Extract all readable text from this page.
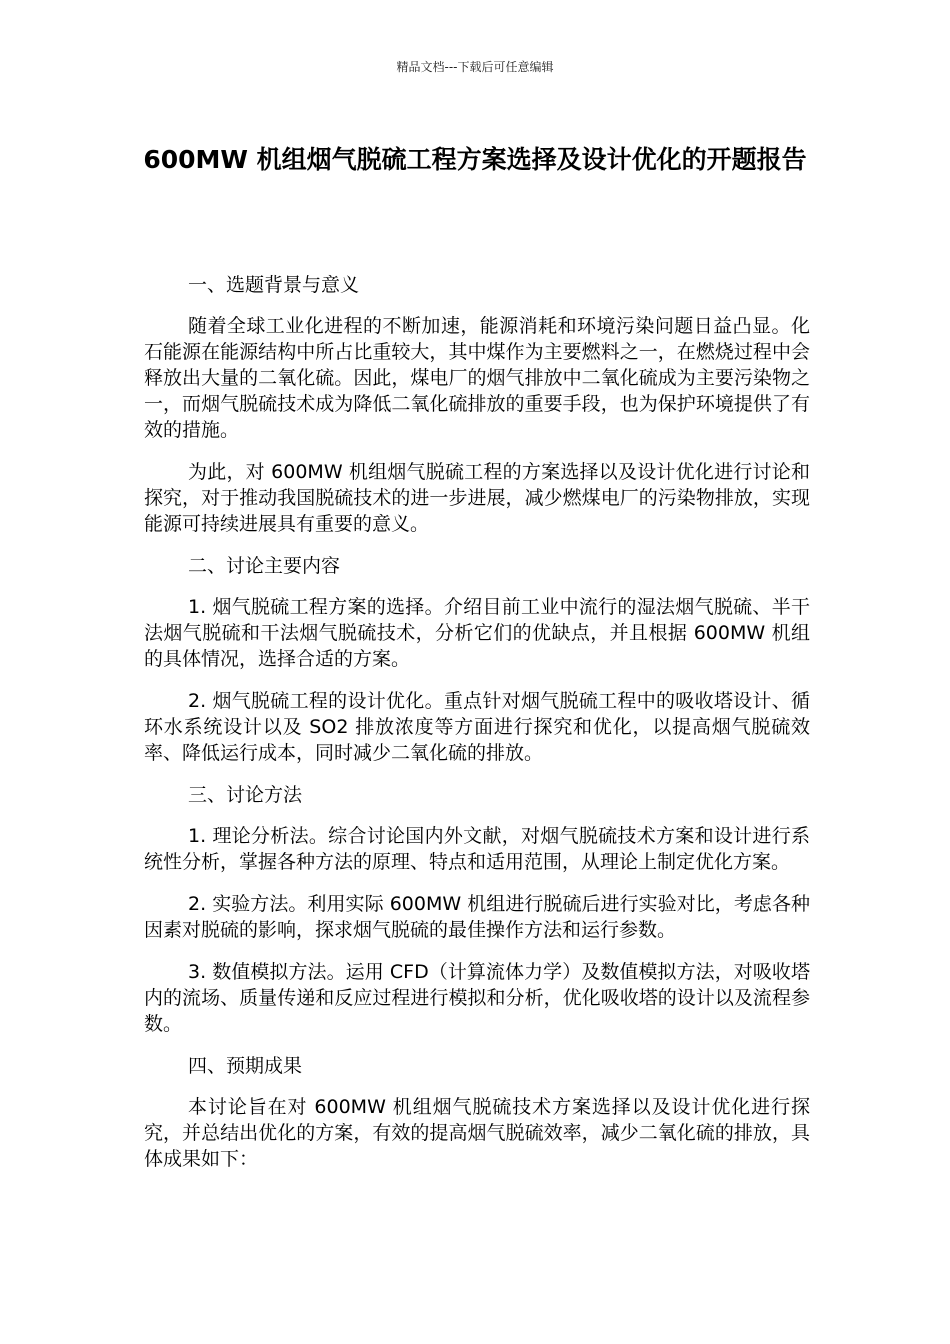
精品文档---下载后可任意编辑
600MW 机组烟气脱硫工程方案选择及设计优化的开题报告

一、选题背景与意义

随着全球工业化进程的不断加速，能源消耗和环境污染问题日益凸显。化石能源在能源结构中所占比重较大，其中煤作为主要燃料之一，在燃烧过程中会释放出大量的二氧化硫。因此，煤电厂的烟气排放中二氧化硫成为主要污染物之一，而烟气脱硫技术成为降低二氧化硫排放的重要手段，也为保护环境提供了有效的措施。

为此，对 600MW 机组烟气脱硫工程的方案选择以及设计优化进行讨论和探究，对于推动我国脱硫技术的进一步进展，减少燃煤电厂的污染物排放，实现能源可持续进展具有重要的意义。

二、讨论主要内容

1. 烟气脱硫工程方案的选择。介绍目前工业中流行的湿法烟气脱硫、半干法烟气脱硫和干法烟气脱硫技术，分析它们的优缺点，并且根据 600MW 机组的具体情况，选择合适的方案。

2. 烟气脱硫工程的设计优化。重点针对烟气脱硫工程中的吸收塔设计、循环水系统设计以及 SO2 排放浓度等方面进行探究和优化，以提高烟气脱硫效率、降低运行成本，同时减少二氧化硫的排放。

三、讨论方法

1. 理论分析法。综合讨论国内外文献，对烟气脱硫技术方案和设计进行系统性分析，掌握各种方法的原理、特点和适用范围，从理论上制定优化方案。

2. 实验方法。利用实际 600MW 机组进行脱硫后进行实验对比，考虑各种因素对脱硫的影响，探求烟气脱硫的最佳操作方法和运行参数。

3. 数值模拟方法。运用 CFD（计算流体力学）及数值模拟方法，对吸收塔内的流场、质量传递和反应过程进行模拟和分析，优化吸收塔的设计以及流程参数。

四、预期成果

本讨论旨在对 600MW 机组烟气脱硫技术方案选择以及设计优化进行探究，并总结出优化的方案，有效的提高烟气脱硫效率，减少二氧化硫的排放，具体成果如下：
